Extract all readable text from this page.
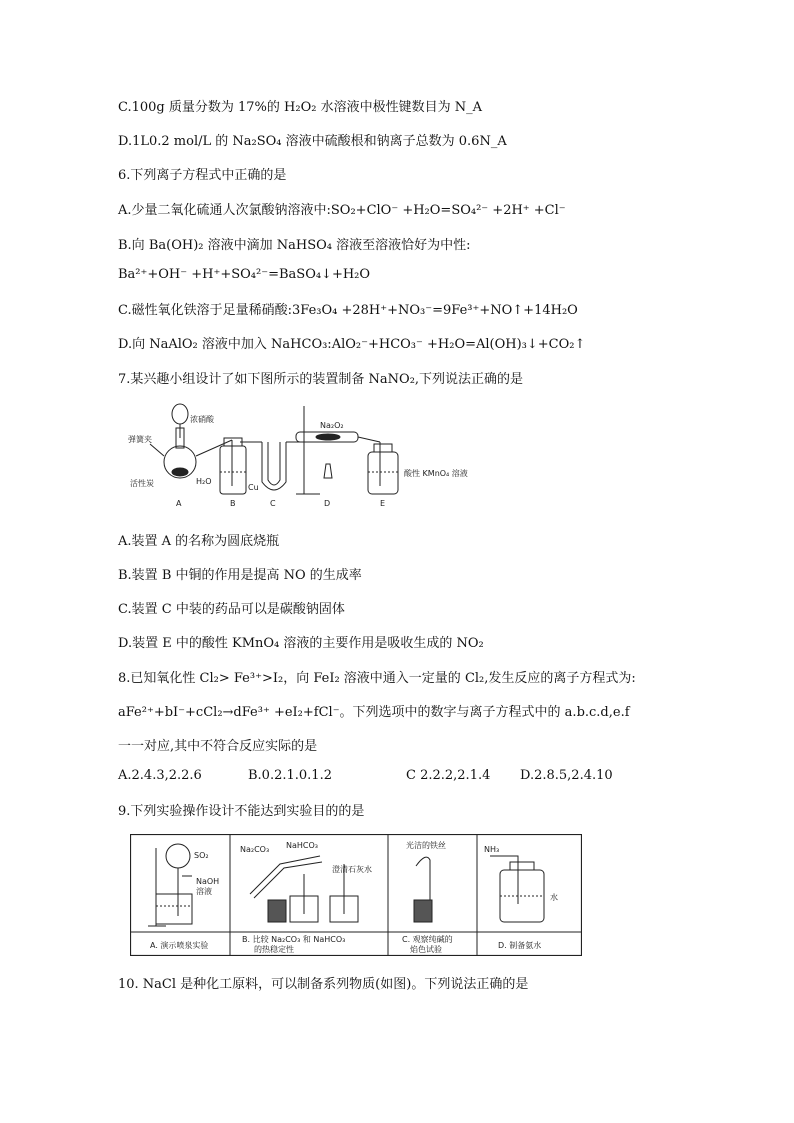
C.100g 质量分数为 17%的 H₂O₂ 水溶液中极性键数目为 N_A
D.1L0.2 mol/L 的 Na₂SO₄ 溶液中硫酸根和钠离子总数为 0.6N_A
6.下列离子方程式中正确的是
A.少量二氧化硫通人次氯酸钠溶液中:SO₂+ClO⁻ +H₂O=SO₄²⁻ +2H⁺ +Cl⁻
B.向 Ba(OH)₂ 溶液中滴加 NaHSO₄ 溶液至溶液恰好为中性:
Ba²⁺+OH⁻ +H⁺+SO₄²⁻=BaSO₄↓+H₂O
C.磁性氧化铁溶于足量稀硝酸:3Fe₃O₄ +28H⁺+NO₃⁻=9Fe³⁺+NO↑+14H₂O
D.向 NaAlO₂ 溶液中加入 NaHCO₃:AlO₂⁻+HCO₃⁻ +H₂O=Al(OH)₃↓+CO₂↑
7.某兴趣小组设计了如下图所示的装置制备 NaNO₂,下列说法正确的是
弹簧夹
浓硝酸
活性炭	H₂O
Cu
Na₂O₂
酸性 KMnO₄ 溶液
A	B	C	D	E
A.装置 A 的名称为圆底烧瓶
B.装置 B 中铜的作用是提高 NO 的生成率
C.装置 C 中装的药品可以是碳酸钠固体
D.装置 E 中的酸性 KMnO₄ 溶液的主要作用是吸收生成的 NO₂
8.已知氧化性 Cl₂> Fe³⁺>I₂，向 FeI₂ 溶液中通入一定量的 Cl₂,发生反应的离子方程式为:
aFe²⁺+bI⁻+cCl₂→dFe³⁺ +eI₂+fCl⁻。下列选项中的数字与离子方程式中的 a.b.c.d,e.f
一一对应,其中不符合反应实际的是
A.2.4.3,2.2.6	B.0.2.1.0.1.2	C 2.2.2,2.1.4 D.2.8.5,2.4.10
9.下列实验操作设计不能达到实验目的的是
SO₂
NaOH
溶液
Na₂CO₃ NaHCO₃
澄清石灰水
光洁的铁丝	NH₃
水
A. 演示喷泉实验
B. 比较 Na₂CO₃ 和 NaHCO₃
的热稳定性
C. 观察纯碱的
焰色试验	D. 制备氨水
10. NaCl 是种化工原料，可以制备系列物质(如图)。下列说法正确的是
